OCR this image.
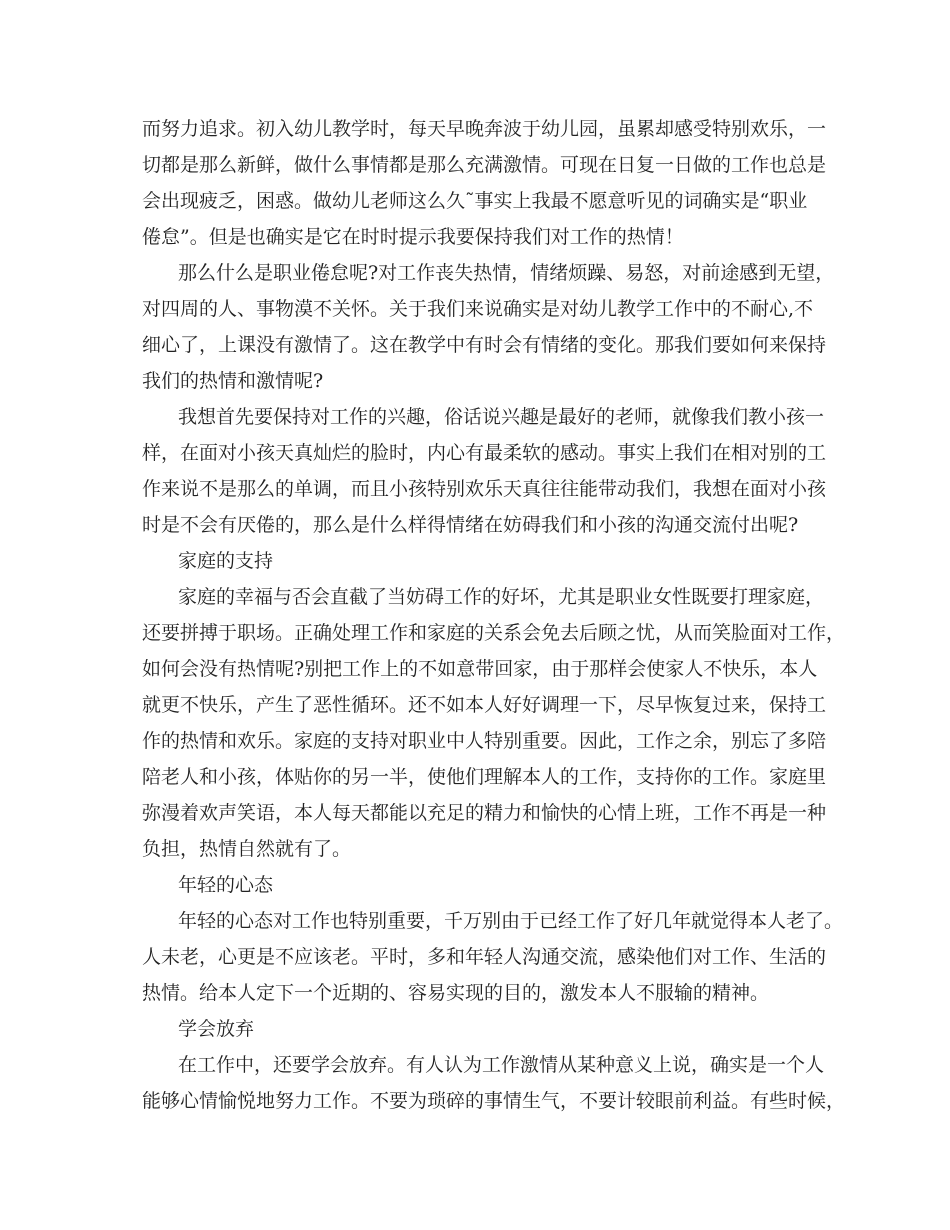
而努力追求。初入幼儿教学时，每天早晚奔波于幼儿园，虽累却感受特别欢乐，一
切都是那么新鲜，做什么事情都是那么充满激情。可现在日复一日做的工作也总是
会出现疲乏，困惑。做幼儿老师这么久˜事实上我最不愿意听见的词确实是“职业
倦怠”。但是也确实是它在时时提示我要保持我们对工作的热情！
那么什么是职业倦怠呢?对工作丧失热情，情绪烦躁、易怒，对前途感到无望，
对四周的人、事物漠不关怀。关于我们来说确实是对幼儿教学工作中的不耐心,不
细心了，上课没有激情了。这在教学中有时会有情绪的变化。那我们要如何来保持
我们的热情和激情呢?
我想首先要保持对工作的兴趣，俗话说兴趣是最好的老师，就像我们教小孩一
样，在面对小孩天真灿烂的脸时，内心有最柔软的感动。事实上我们在相对别的工
作来说不是那么的单调，而且小孩特别欢乐天真往往能带动我们，我想在面对小孩
时是不会有厌倦的，那么是什么样得情绪在妨碍我们和小孩的沟通交流付出呢?
家庭的支持
家庭的幸福与否会直截了当妨碍工作的好坏，尤其是职业女性既要打理家庭，
还要拼搏于职场。正确处理工作和家庭的关系会免去后顾之忧，从而笑脸面对工作，
如何会没有热情呢?别把工作上的不如意带回家，由于那样会使家人不快乐，本人
就更不快乐，产生了恶性循环。还不如本人好好调理一下，尽早恢复过来，保持工
作的热情和欢乐。家庭的支持对职业中人特别重要。因此，工作之余，别忘了多陪
陪老人和小孩，体贴你的另一半，使他们理解本人的工作，支持你的工作。家庭里
弥漫着欢声笑语，本人每天都能以充足的精力和愉快的心情上班，工作不再是一种
负担，热情自然就有了。
年轻的心态
年轻的心态对工作也特别重要，千万别由于已经工作了好几年就觉得本人老了。
人未老，心更是不应该老。平时，多和年轻人沟通交流，感染他们对工作、生活的
热情。给本人定下一个近期的、容易实现的目的，激发本人不服输的精神。
学会放弃
在工作中，还要学会放弃。有人认为工作激情从某种意义上说，确实是一个人
能够心情愉悦地努力工作。不要为琐碎的事情生气，不要计较眼前利益。有些时候，
